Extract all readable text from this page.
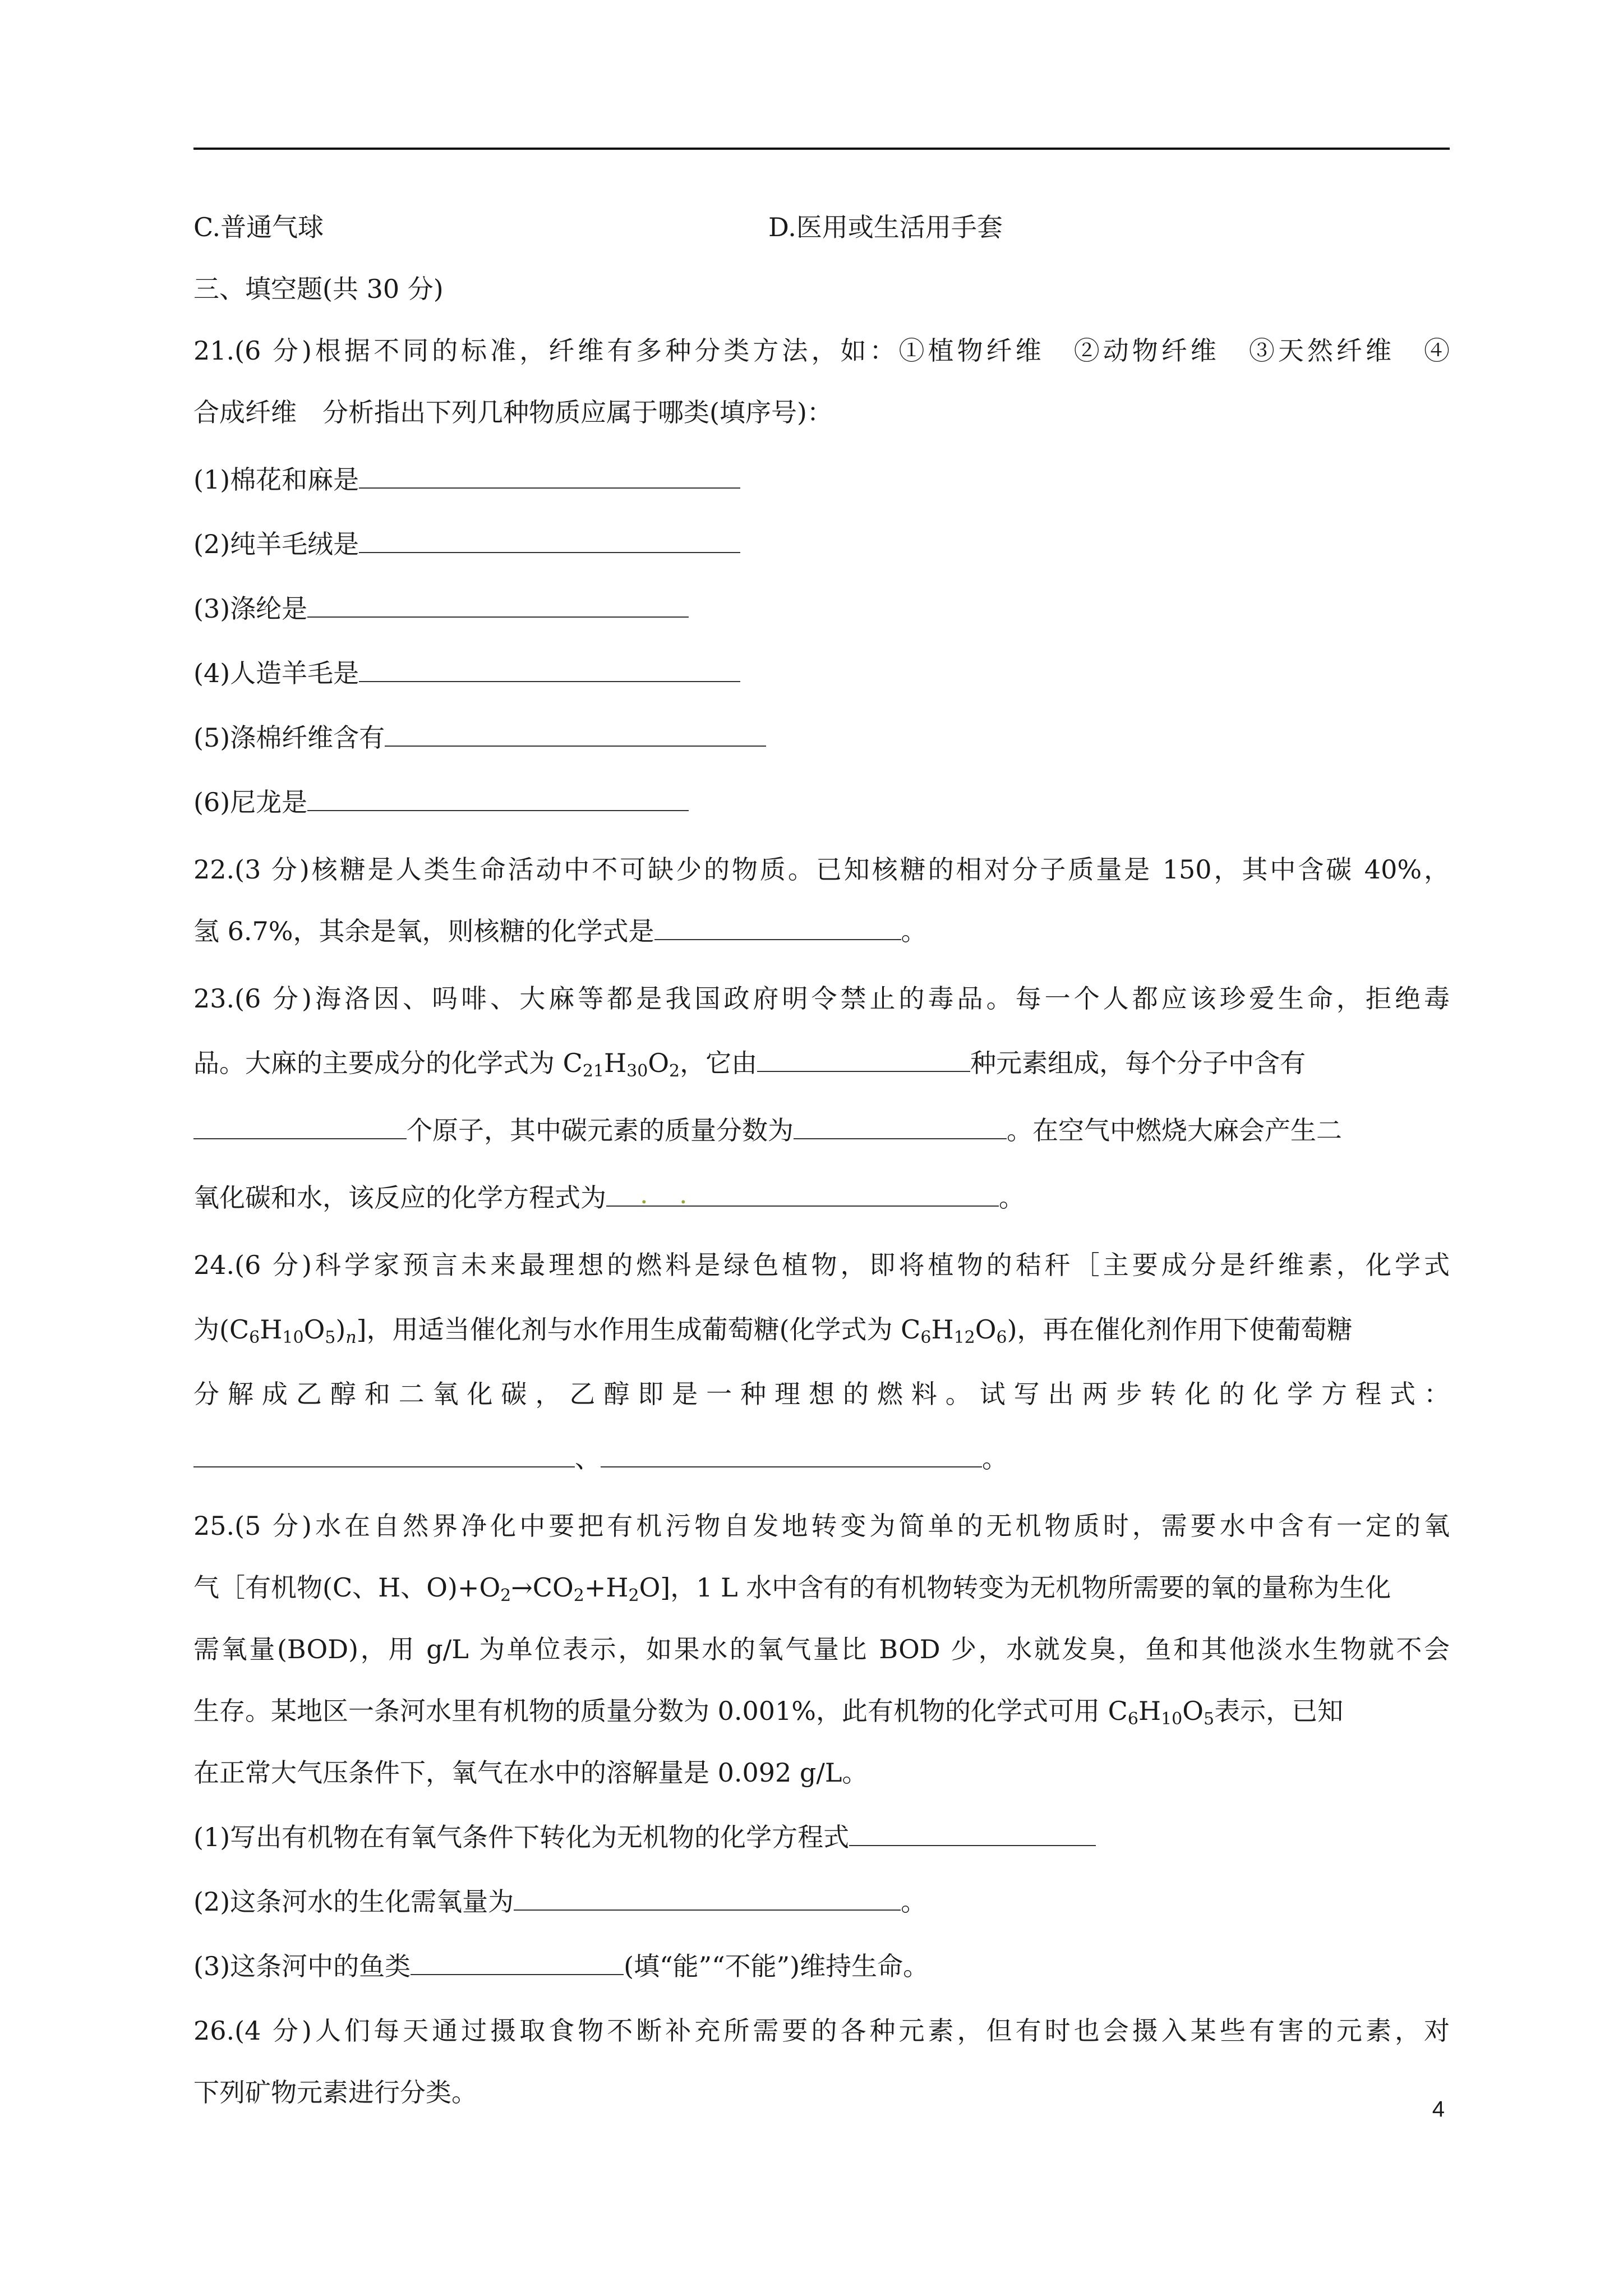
C.普通气球	D.医用或生活用手套
三、填空题(共 30 分)
21.(6 分)根据不同的标准，纤维有多种分类方法，如：①植物纤维　②动物纤维　③天然纤维　④
合成纤维　分析指出下列几种物质应属于哪类(填序号)：
(1)棉花和麻是
(2)纯羊毛绒是
(3)涤纶是
(4)人造羊毛是
(5)涤棉纤维含有
(6)尼龙是
22.(3 分)核糖是人类生命活动中不可缺少的物质。已知核糖的相对分子质量是 150，其中含碳 40%，
氢 6.7%，其余是氧，则核糖的化学式是	。
23.(6 分)海洛因、吗啡、大麻等都是我国政府明令禁止的毒品。每一个人都应该珍爱生命，拒绝毒
品。大麻的主要成分的化学式为 $C_{21}H_{30}O_2$，它由	种元素组成，每个分子中含有
个原子，其中碳元素的质量分数为	。在空气中燃烧大麻会产生二
氧化碳和水，该反应的化学方程式为 . .	。
24.(6 分)科学家预言未来最理想的燃料是绿色植物，即将植物的秸秆［主要成分是纤维素，化学式
为$(C_6H_{10}O_5)_n$]，用适当催化剂与水作用生成葡萄糖(化学式为 $C_6H_{12}O_6$)，再在催化剂作用下使葡萄糖
分解成乙醇和二氧化碳，乙醇即是一种理想的燃料。试写出两步转化的化学方程式：
、	。
25.(5 分)水在自然界净化中要把有机污物自发地转变为简单的无机物质时，需要水中含有一定的氧
气［有机物(C、H、$O)+O_2\to CO_2+H_2O$]，1 L 水中含有的有机物转变为无机物所需要的氧的量称为生化
需氧量(BOD)，用 g/L 为单位表示，如果水的氧气量比 BOD 少，水就发臭，鱼和其他淡水生物就不会
生存。某地区一条河水里有机物的质量分数为 0.001%，此有机物的化学式可用 $C_6H_{10}O_5$表示，已知
在正常大气压条件下，氧气在水中的溶解量是 0.092 g/L。
(1)写出有机物在有氧气条件下转化为无机物的化学方程式
(2)这条河水的生化需氧量为	。
(3)这条河中的鱼类	(填“能”“不能”)维持生命。
26.(4 分)人们每天通过摄取食物不断补充所需要的各种元素，但有时也会摄入某些有害的元素，对
下列矿物元素进行分类。
4
